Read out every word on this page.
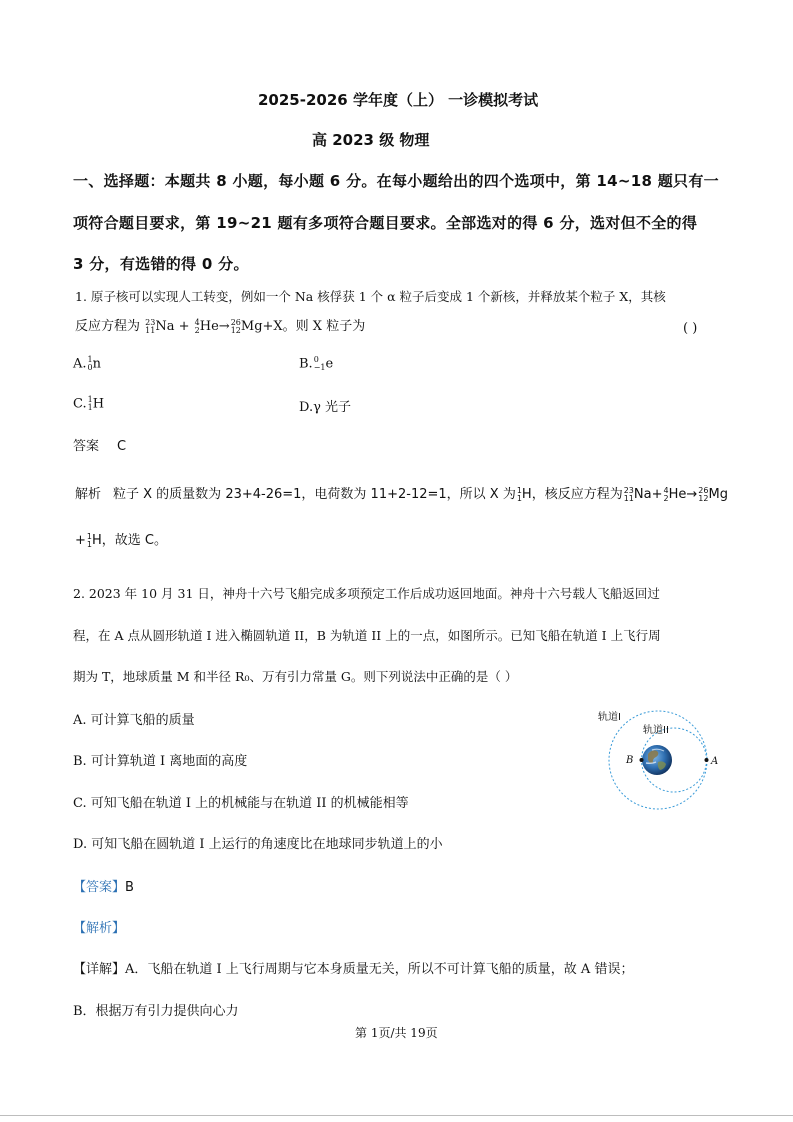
2025-2026 学年度（上） 一诊模拟考试
高 2023 级 物理
一、选择题：本题共 8 小题，每小题 6 分。在每小题给出的四个选项中，第 14~18 题只有一
项符合题目要求，第 19~21 题有多项符合题目要求。全部选对的得 6 分，选对但不全的得
3 分，有选错的得 0 分。
1. 原子核可以实现人工转变，例如一个 Na 核俘获 1 个 α 粒子后变成 1 个新核，并释放某个粒子 X，其核
反应方程为 23
11 Na + 4
2 He→ 26
12 Mg+X。则 X 粒子为	( )
A. 1
0 n	B. 0
−1 e
C. 1
1 H	D.γ 光子
答案 C
解析 粒子 X 的质量数为 23+4-26=1，电荷数为 11+2-12=1，所以 X 为 1
1 H，核反应方程为 23
11 Na+ 4
2 He→ 26
12 Mg
+ 1
1 H，故选 C。
2. 2023 年 10 月 31 日，神舟十六号飞船完成多项预定工作后成功返回地面。神舟十六号载人飞船返回过
程，在 A 点从圆形轨道 I 进入椭圆轨道 II，B 为轨道 II 上的一点，如图所示。已知飞船在轨道 I 上飞行周
期为 T，地球质量 M 和半径 R₀、万有引力常量 G。则下列说法中正确的是（ ）
A. 可计算飞船的质量
B. 可计算轨道 I 离地面的高度
C. 可知飞船在轨道 I 上的机械能与在轨道 II 的机械能相等
D. 可知飞船在圆轨道 I 上运行的角速度比在地球同步轨道上的小
轨道I
轨道II
B	A
【答案】B
【解析】
【详解】A．飞船在轨道 I 上飞行周期与它本身质量无关，所以不可计算飞船的质量，故 A 错误；
B．根据万有引力提供向心力
第 1页/共 19页
